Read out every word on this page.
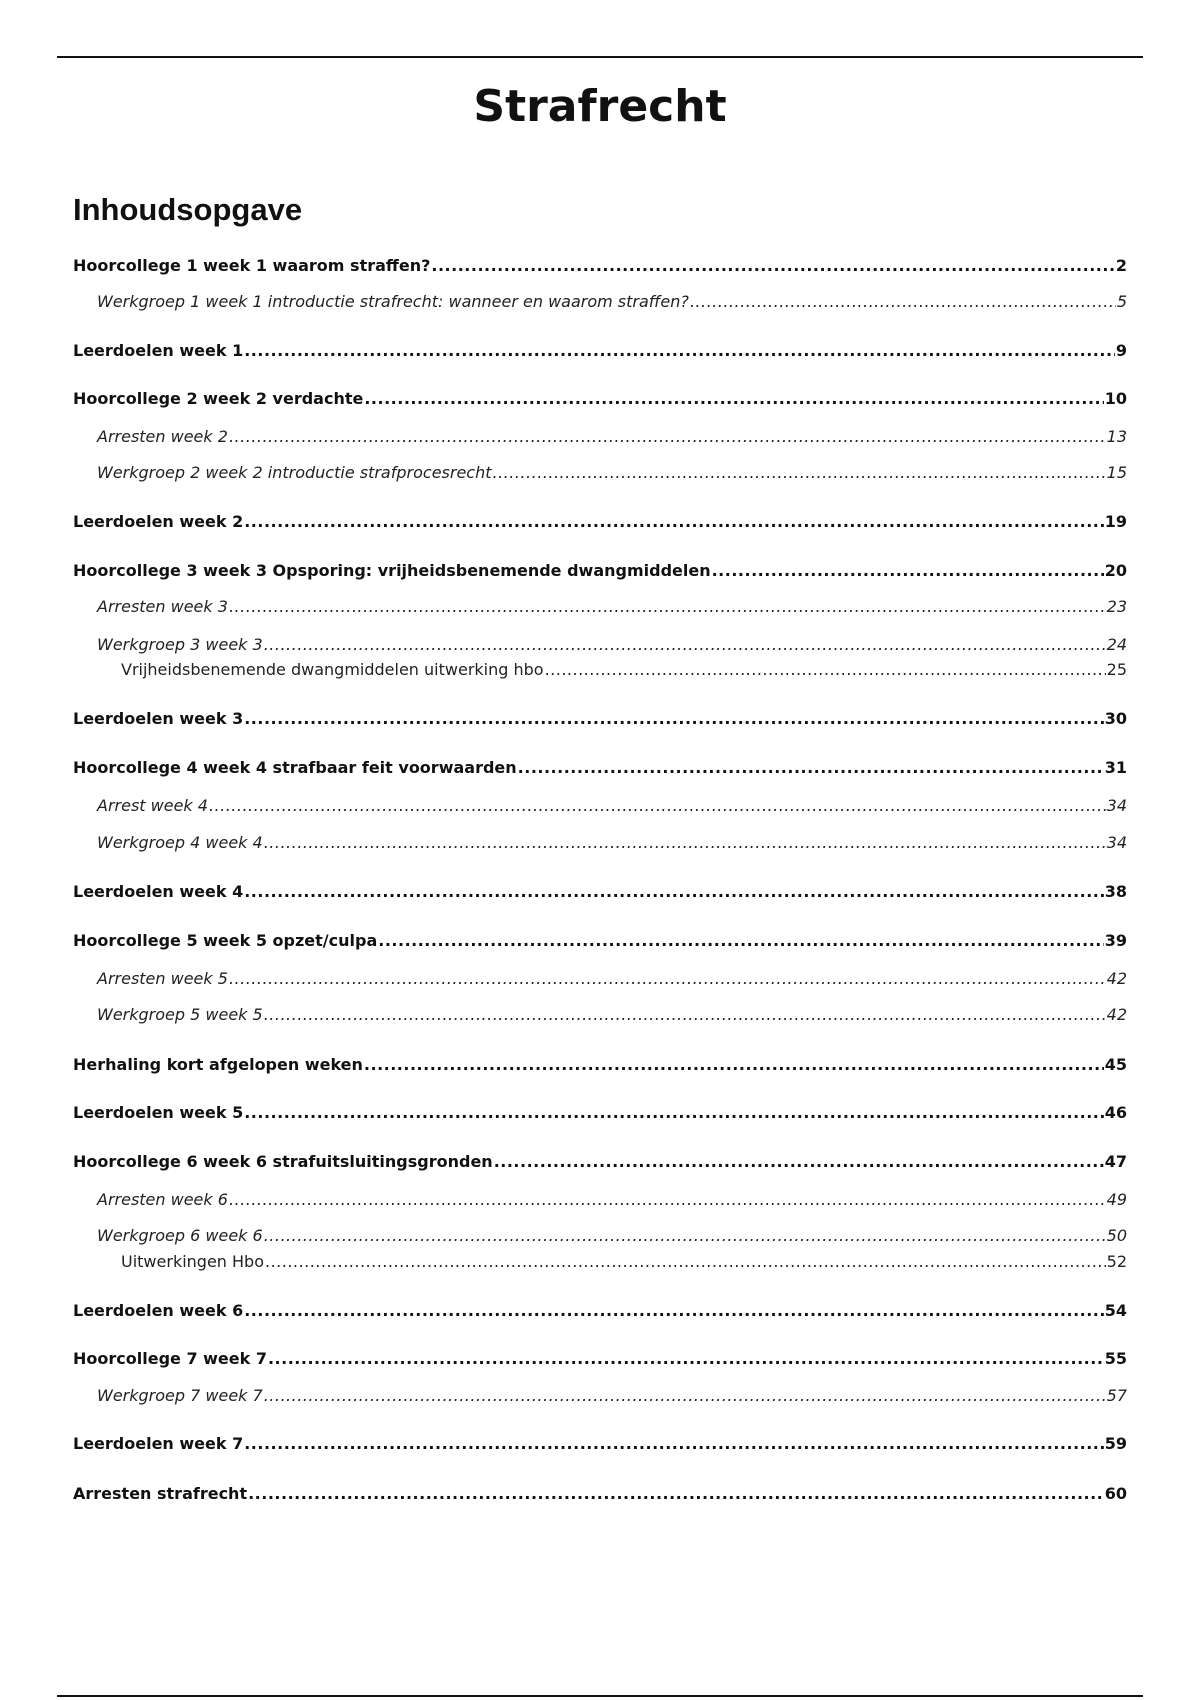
Strafrecht
Inhoudsopgave
Hoorcollege 1 week 1 waarom straffen? .....	2
Werkgroep 1 week 1 introductie strafrecht: wanneer en waarom straffen? .....	5
Leerdoelen week 1 .....	9
Hoorcollege 2 week 2 verdachte .....	10
Arresten week 2 .....	13
Werkgroep 2 week 2 introductie strafprocesrecht .....	15
Leerdoelen week 2 .....	19
Hoorcollege 3 week 3 Opsporing: vrijheidsbenemende dwangmiddelen .....	20
Arresten week 3 .....	23
Werkgroep 3 week 3 .....	24
Vrijheidsbenemende dwangmiddelen uitwerking hbo .....	25
Leerdoelen week 3 .....	30
Hoorcollege 4 week 4 strafbaar feit voorwaarden .....	31
Arrest week 4 .....	34
Werkgroep 4 week 4 .....	34
Leerdoelen week 4 .....	38
Hoorcollege 5 week 5 opzet/culpa .....	39
Arresten week 5 .....	42
Werkgroep 5 week 5 .....	42
Herhaling kort afgelopen weken .....	45
Leerdoelen week 5 .....	46
Hoorcollege 6 week 6 strafuitsluitingsgronden .....	47
Arresten week 6 .....	49
Werkgroep 6 week 6 .....	50
Uitwerkingen Hbo .....	52
Leerdoelen week 6 .....	54
Hoorcollege 7 week 7 .....	55
Werkgroep 7 week 7 .....	57
Leerdoelen week 7 .....	59
Arresten strafrecht .....	60
